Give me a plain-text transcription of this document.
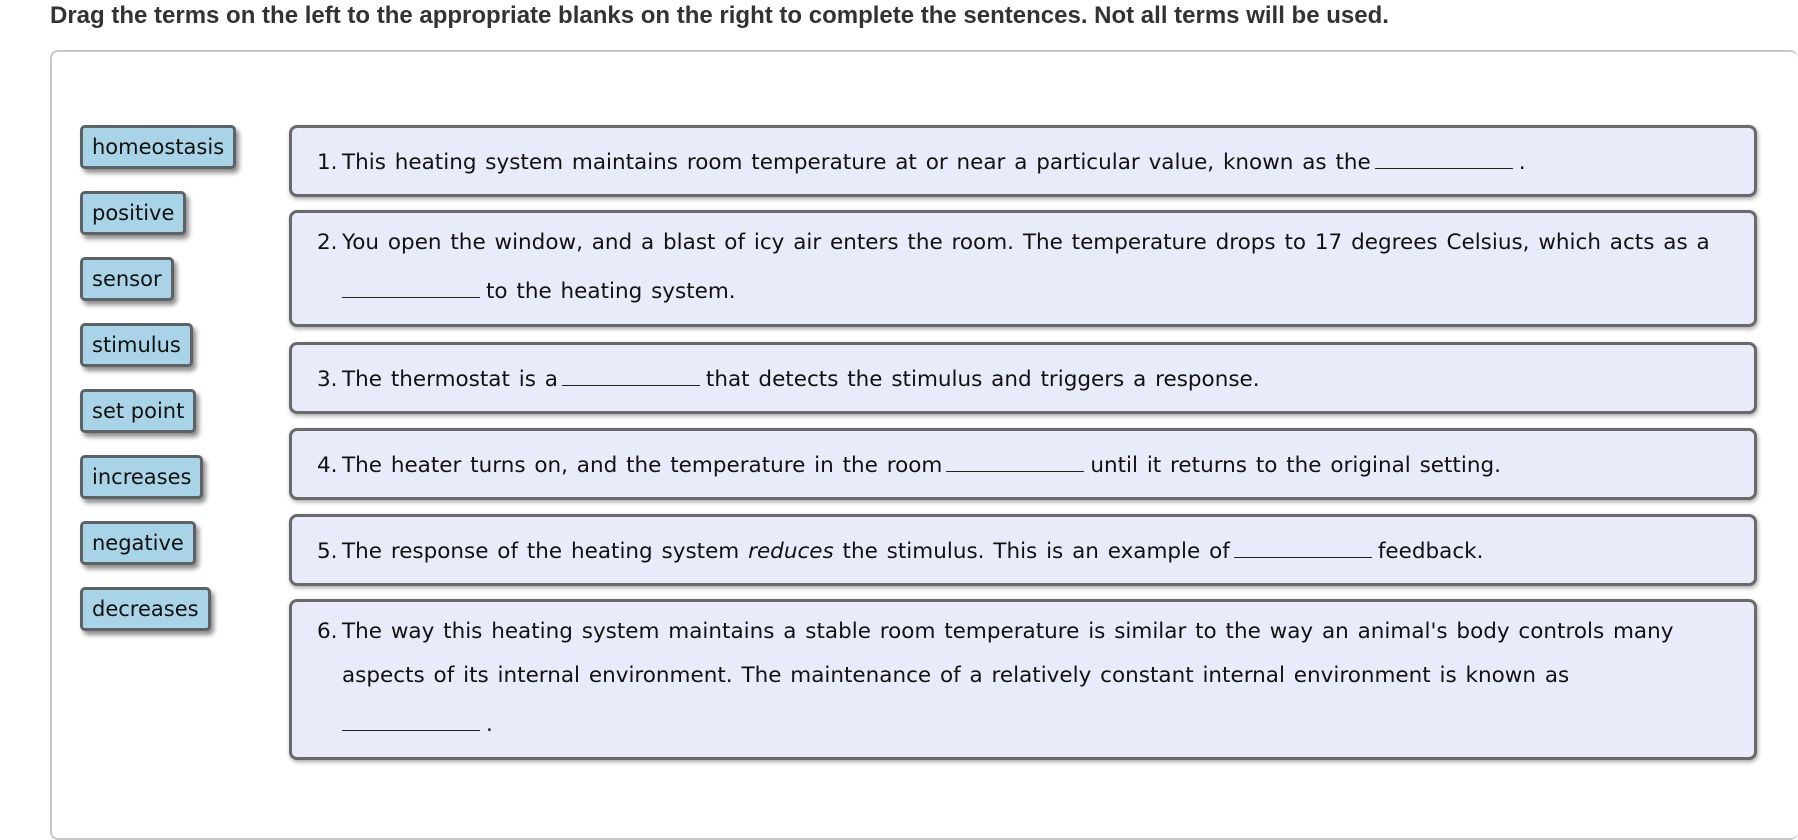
Drag the terms on the left to the appropriate blanks on the right to complete the sentences. Not all terms will be used.
homeostasis
positive
sensor
stimulus
set point
increases
negative
decreases
1. This heating system maintains room temperature at or near a particular value, known as the	.
2. You open the window, and a blast of icy air enters the room. The temperature drops to 17 degrees Celsius, which acts as a
to the heating system.
3. The thermostat is a	that detects the stimulus and triggers a response.
4. The heater turns on, and the temperature in the room	until it returns to the original setting.
5. The response of the heating system reduces the stimulus. This is an example of	feedback.
6. The way this heating system maintains a stable room temperature is similar to the way an animal's body controls many
aspects of its internal environment. The maintenance of a relatively constant internal environment is known as
.
